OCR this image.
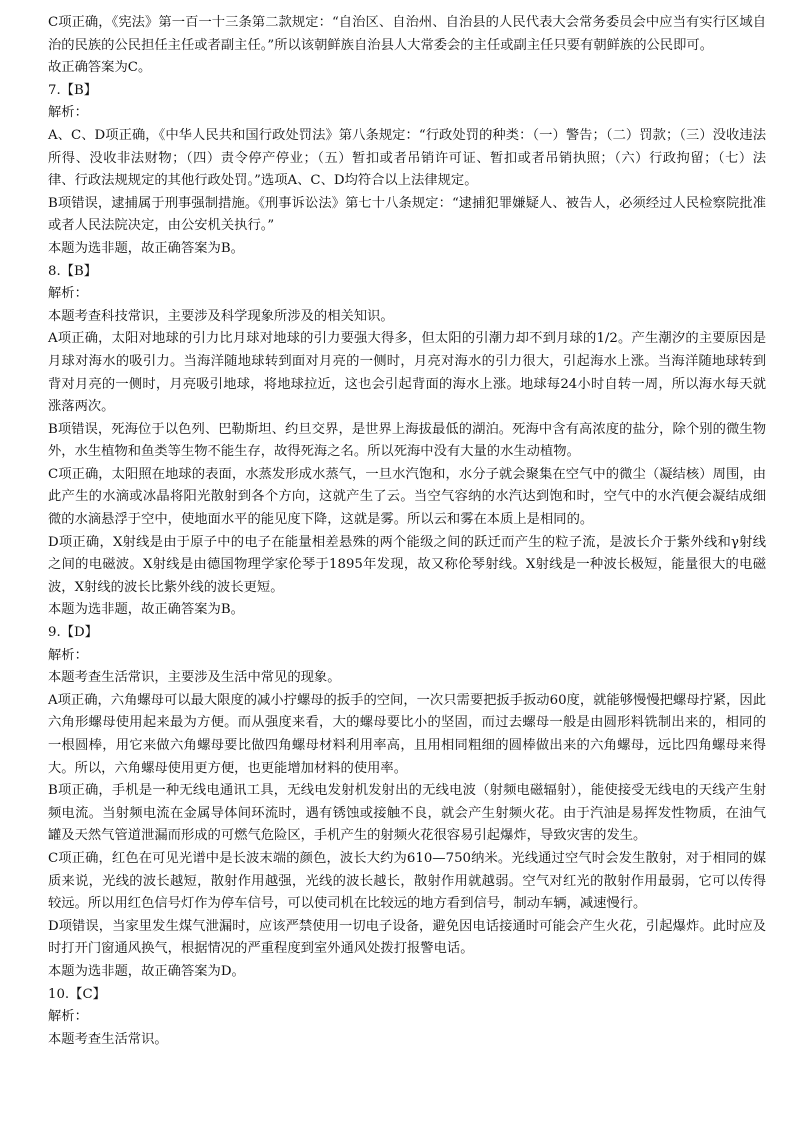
C项正确，《宪法》第一百一十三条第二款规定：“自治区、自治州、自治县的人民代表大会常务委员会中应当有实行区域自治的民族的公民担任主任或者副主任。”所以该朝鲜族自治县人大常委会的主任或副主任只要有朝鲜族的公民即可。

故正确答案为C。

7.【B】

解析：

A、C、D项正确，《中华人民共和国行政处罚法》第八条规定：“行政处罚的种类：（一）警告；（二）罚款；（三）没收违法所得、没收非法财物；（四）责令停产停业；（五）暂扣或者吊销许可证、暂扣或者吊销执照；（六）行政拘留；（七）法律、行政法规规定的其他行政处罚。”选项A、C、D均符合以上法律规定。

B项错误，逮捕属于刑事强制措施。《刑事诉讼法》第七十八条规定：“逮捕犯罪嫌疑人、被告人，必须经过人民检察院批准或者人民法院决定，由公安机关执行。”

本题为选非题，故正确答案为B。

8.【B】

解析：

本题考查科技常识，主要涉及科学现象所涉及的相关知识。

A项正确，太阳对地球的引力比月球对地球的引力要强大得多，但太阳的引潮力却不到月球的1/2。产生潮汐的主要原因是月球对海水的吸引力。当海洋随地球转到面对月亮的一侧时，月亮对海水的引力很大，引起海水上涨。当海洋随地球转到背对月亮的一侧时，月亮吸引地球，将地球拉近，这也会引起背面的海水上涨。地球每24小时自转一周，所以海水每天就涨落两次。

B项错误，死海位于以色列、巴勒斯坦、约旦交界，是世界上海拔最低的湖泊。死海中含有高浓度的盐分，除个别的微生物外，水生植物和鱼类等生物不能生存，故得死海之名。所以死海中没有大量的水生动植物。

C项正确，太阳照在地球的表面，水蒸发形成水蒸气，一旦水汽饱和，水分子就会聚集在空气中的微尘（凝结核）周围，由此产生的水滴或冰晶将阳光散射到各个方向，这就产生了云。当空气容纳的水汽达到饱和时，空气中的水汽便会凝结成细微的水滴悬浮于空中，使地面水平的能见度下降，这就是雾。所以云和雾在本质上是相同的。

D项正确，X射线是由于原子中的电子在能量相差悬殊的两个能级之间的跃迁而产生的粒子流，是波长介于紫外线和γ射线之间的电磁波。X射线是由德国物理学家伦琴于1895年发现，故又称伦琴射线。X射线是一种波长极短，能量很大的电磁波，X射线的波长比紫外线的波长更短。

本题为选非题，故正确答案为B。

9.【D】

解析：

本题考查生活常识，主要涉及生活中常见的现象。

A项正确，六角螺母可以最大限度的减小拧螺母的扳手的空间，一次只需要把扳手扳动60度，就能够慢慢把螺母拧紧，因此六角形螺母使用起来最为方便。而从强度来看，大的螺母要比小的坚固，而过去螺母一般是由圆形料铣制出来的，相同的一根圆棒，用它来做六角螺母要比做四角螺母材料利用率高，且用相同粗细的圆棒做出来的六角螺母，远比四角螺母来得大。所以，六角螺母使用更方便，也更能增加材料的使用率。

B项正确，手机是一种无线电通讯工具，无线电发射机发射出的无线电波（射频电磁辐射），能使接受无线电的天线产生射频电流。当射频电流在金属导体间环流时，遇有锈蚀或接触不良，就会产生射频火花。由于汽油是易挥发性物质，在油气罐及天然气管道泄漏而形成的可燃气危险区，手机产生的射频火花很容易引起爆炸，导致灾害的发生。

C项正确，红色在可见光谱中是长波末端的颜色，波长大约为610—750纳米。光线通过空气时会发生散射，对于相同的媒质来说，光线的波长越短，散射作用越强，光线的波长越长，散射作用就越弱。空气对红光的散射作用最弱，它可以传得较远。所以用红色信号灯作为停车信号，可以使司机在比较远的地方看到信号，制动车辆，减速慢行。

D项错误，当家里发生煤气泄漏时，应该严禁使用一切电子设备，避免因电话接通时可能会产生火花，引起爆炸。此时应及时打开门窗通风换气，根据情况的严重程度到室外通风处拨打报警电话。

本题为选非题，故正确答案为D。

10.【C】

解析：

本题考查生活常识。
